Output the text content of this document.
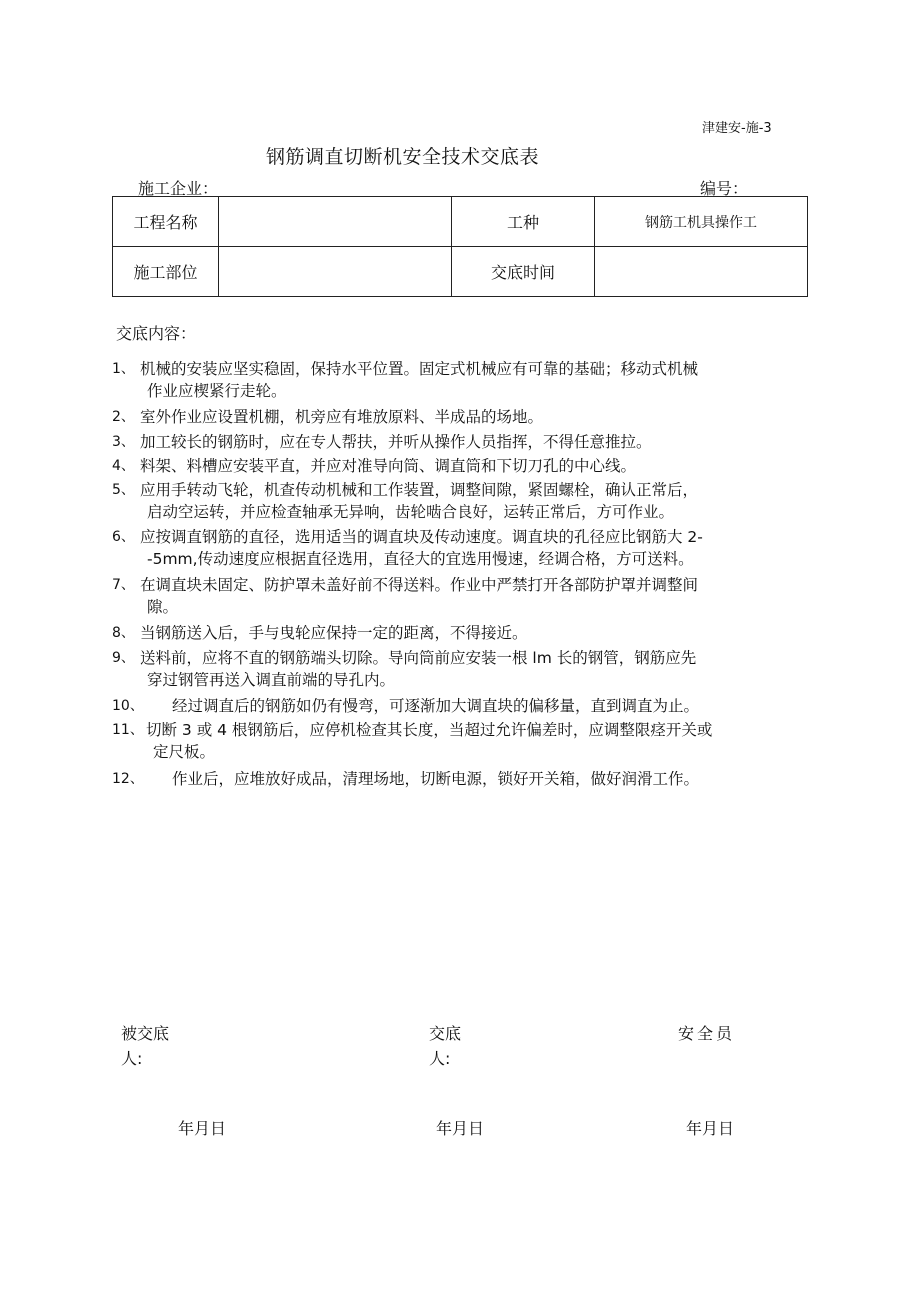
津建安-施-3
钢筋调直切断机安全技术交底表
施工企业：	编号：
工程名称		工种	钢筋工机具操作工
施工部位		交底时间	
交底内容：
1、 机械的安装应坚实稳固，保持水平位置。固定式机械应有可靠的基础；移动式机械
作业应楔紧行走轮。
2、 室外作业应设置机棚，机旁应有堆放原料、半成品的场地。
3、 加工较长的钢筋时，应在专人帮扶，并听从操作人员指挥，不得任意推拉。
4、 料架、料槽应安装平直，并应对准导向筒、调直筒和下切刀孔的中心线。
5、 应用手转动飞轮，机查传动机械和工作装置，调整间隙，紧固螺栓，确认正常后，
启动空运转，并应检查轴承无异响，齿轮啮合良好，运转正常后，方可作业。
6、 应按调直钢筋的直径，选用适当的调直块及传动速度。调直块的孔径应比钢筋大 2-
-5mm,传动速度应根据直径选用，直径大的宜选用慢速，经调合格，方可送料。
7、 在调直块未固定、防护罩未盖好前不得送料。作业中严禁打开各部防护罩并调整间
隙。
8、 当钢筋送入后，手与曳轮应保持一定的距离，不得接近。
9、 送料前，应将不直的钢筋端头切除。导向筒前应安装一根 lm 长的钢管，钢筋应先
穿过钢管再送入调直前端的导孔内。
10、 经过调直后的钢筋如仍有慢弯，可逐渐加大调直块的偏移量，直到调直为止。
11、 切断 3 或 4 根钢筋后，应停机检查其长度，当超过允许偏差时，应调整限痉开关或
定尺板。
12、 作业后，应堆放好成品，清理场地，切断电源，锁好开关箱，做好润滑工作。
被交底
人:
交底
人:
安全员
年月日	年月日	年月日
